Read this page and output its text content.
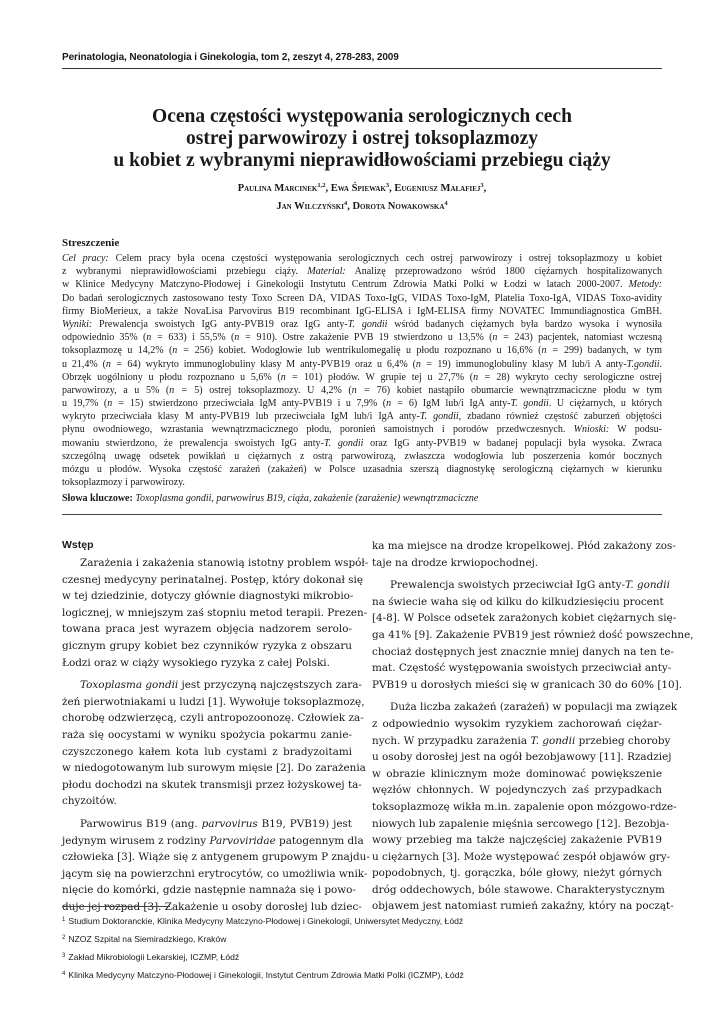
Perinatologia, Neonatologia i Ginekologia, tom 2, zeszyt 4, 278-283, 2009
Ocena częstości występowania serologicznych cech
ostrej parwowirozy i ostrej toksoplazmozy
u kobiet z wybranymi nieprawidłowościami przebiegu ciąży
Paulina Marcinek$^{1,2}$, Ewa Śpiewak$^3$, Eugeniusz Małafiej$^3$,
Jan Wilczyński$^4$, Dorota Nowakowska$^4$
Streszczenie
Cel pracy: Celem pracy była ocena częstości występowania serologicznych cech ostrej parwowirozy i ostrej toksoplazmozy u kobiet
z wybranymi nieprawidłowościami przebiegu ciąży. Material: Analizę przeprowadzono wśród 1800 ciężarnych hospitalizowanych
w Klinice Medycyny Matczyno-Płodowej i Ginekologii Instytutu Centrum Zdrowia Matki Polki w Łodzi w latach 2000-2007. Metody:
Do badań serologicznych zastosowano testy Toxo Screen DA, VIDAS Toxo-IgG, VIDAS Toxo-IgM, Platelia Toxo-IgA, VIDAS Toxo-avidity
firmy BioMerieux, a także NovaLisa Parvovirus B19 recombinant IgG-ELISA i IgM-ELISA firmy NOVATEC Immundiagnostica GmBH.
Wyniki: Prewalencja swoistych IgG anty-PVB19 oraz IgG anty-T. gondii wśród badanych ciężarnych była bardzo wysoka i wynosiła
odpowiednio 35% (n = 633) i 55,5% (n = 910). Ostre zakażenie PVB 19 stwierdzono u 13,5% (n = 243) pacjentek, natomiast wczesną
toksoplazmozę u 14,2% (n = 256) kobiet. Wodogłowie lub wentrikulomegalię u płodu rozpoznano u 16,6% (n = 299) badanych, w tym
u 21,4% (n = 64) wykryto immunoglobuliny klasy M anty-PVB19 oraz u 6,4% (n = 19) immunoglobuliny klasy M lub/i A anty-T.gondii.
Obrzęk uogólniony u płodu rozpoznano u 5,6% (n = 101) płodów. W grupie tej u 27,7% (n = 28) wykryto cechy serologiczne ostrej
parwowirozy, a u 5% (n = 5) ostrej toksoplazmozy. U 4,2% (n = 76) kobiet nastąpiło obumarcie wewnątrzmaciczne płodu w tym
u 19,7% (n = 15) stwierdzono przeciwciała IgM anty-PVB19 i u 7,9% (n = 6) IgM lub/i IgA anty-T. gondii. U ciężarnych, u których
wykryto przeciwciała klasy M anty-PVB19 lub przeciwciała IgM lub/i IgA anty-T. gondii, zbadano również częstość zaburzeń objętości
płynu owodniowego, wzrastania wewnątrzmacicznego płodu, poronień samoistnych i porodów przedwczesnych. Wnioski: W podsu-
mowaniu stwierdzono, że prewalencja swoistych IgG anty-T. gondii oraz IgG anty-PVB19 w badanej populacji była wysoka. Zwraca
szczególną uwagę odsetek powikłań u ciężarnych z ostrą parwowirozą, zwłaszcza wodogłowia lub poszerzenia komór bocznych
mózgu u płodów. Wysoka częstość zarażeń (zakażeń) w Polsce uzasadnia szerszą diagnostykę serologiczną ciężarnych w kierunku
toksoplazmozy i parwowirozy.
Słowa kluczowe: Toxoplasma gondii, parwowirus B19, ciąża, zakażenie (zarażenie) wewnątrzmaciczne
Wstęp
Zarażenia i zakażenia stanowią istotny problem współ-
czesnej medycyny perinatalnej. Postęp, który dokonał się
w tej dziedzinie, dotyczy głównie diagnostyki mikrobio-
logicznej, w mniejszym zaś stopniu metod terapii. Prezen-
towana praca jest wyrazem objęcia nadzorem serolo-
gicznym grupy kobiet bez czynników ryzyka z obszaru
Łodzi oraz w ciąży wysokiego ryzyka z całej Polski.
Toxoplasma gondii jest przyczyną najczęstszych zara-
żeń pierwotniakami u ludzi [1]. Wywołuje toksoplazmozę,
chorobę odzwierzęcą, czyli antropozoonozę. Człowiek za-
raża się oocystami w wyniku spożycia pokarmu zanie-
czyszczonego kałem kota lub cystami z bradyzoitami
w niedogotowanym lub surowym mięsie [2]. Do zarażenia
płodu dochodzi na skutek transmisji przez łożyskowej ta-
chyzoitów.
Parwowirus B19 (ang. parvovirus B19, PVB19) jest
jedynym wirusem z rodziny Parvoviridae patogennym dla
człowieka [3]. Wiąże się z antygenem grupowym P znajdu-
jącym się na powierzchni erytrocytów, co umożliwia wnik-
nięcie do komórki, gdzie następnie namnaża się i powo-
duje jej rozpad [3]. Zakażenie u osoby dorosłej lub dziec-
ka ma miejsce na drodze kropelkowej. Płód zakażony zos-
taje na drodze krwiopochodnej.
Prewalencja swoistych przeciwciał IgG anty-T. gondii
na świecie waha się od kilku do kilkudziesięciu procent
[4-8]. W Polsce odsetek zarażonych kobiet ciężarnych się-
ga 41% [9]. Zakażenie PVB19 jest również dość powszechne,
chociaż dostępnych jest znacznie mniej danych na ten te-
mat. Częstość występowania swoistych przeciwciał anty-
PVB19 u dorosłych mieści się w granicach 30 do 60% [10].
Duża liczba zakażeń (zarażeń) w populacji ma związek
z odpowiednio wysokim ryzykiem zachorowań ciężar-
nych. W przypadku zarażenia T. gondii przebieg choroby
u osoby dorosłej jest na ogół bezobjawowy [11]. Rzadziej
w obrazie klinicznym może dominować powiększenie
węzłów chłonnych. W pojedynczych zaś przypadkach
toksoplazmozę wikła m.in. zapalenie opon mózgowo-rdze-
niowych lub zapalenie mięśnia sercowego [12]. Bezobja-
wowy przebieg ma także najczęściej zakażenie PVB19
u ciężarnych [3]. Może występować zespół objawów gry-
popodobnych, tj. gorączka, bóle głowy, nieżyt górnych
dróg oddechowych, bóle stawowe. Charakterystycznym
objawem jest natomiast rumień zakaźny, który na począt-
$^1$ Studium Doktoranckie, Klinika Medycyny Matczyno-Płodowej i Ginekologii, Uniwersytet Medyczny, Łódź
$^2$ NZOZ Szpital na Siemiradzkiego, Kraków
$^3$ Zakład Mikrobiologii Lekarskiej, ICZMP, Łódź
$^4$ Klinika Medycyny Matczyno-Płodowej i Ginekologii, Instytut Centrum Zdrowia Matki Polki (ICZMP), Łódź
